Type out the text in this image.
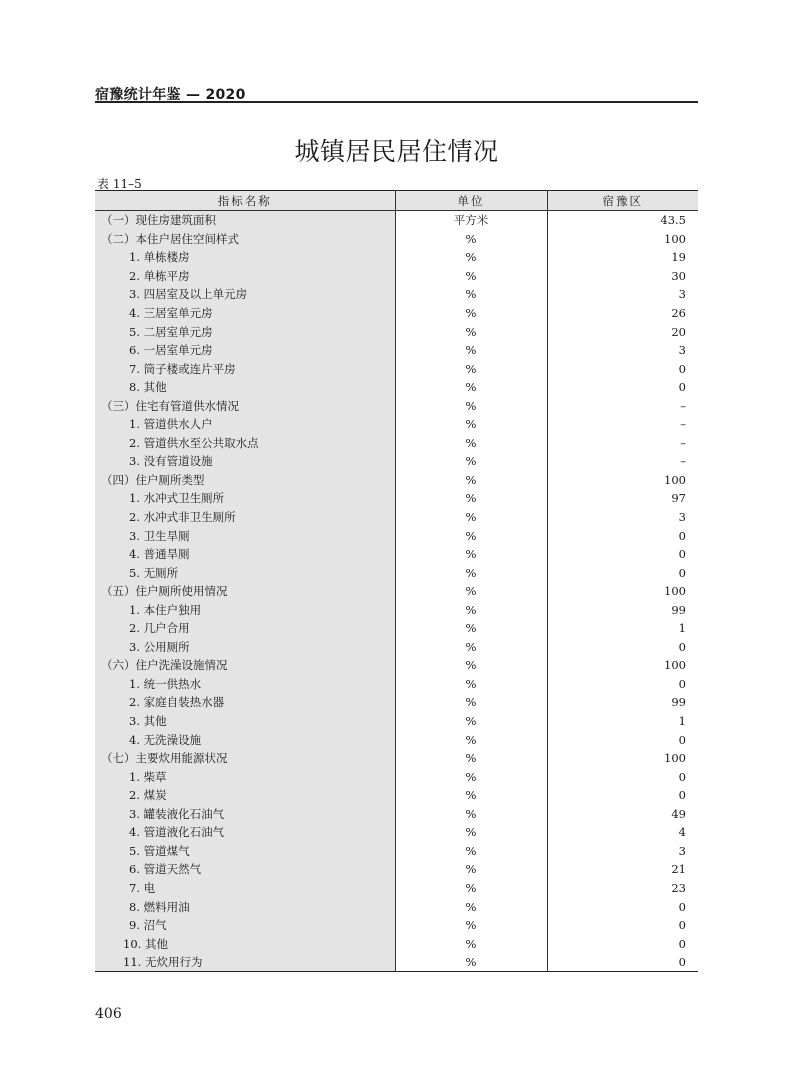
宿豫统计年鉴 — 2020
城镇居民居住情况
表 11–5
指标名称	单位	宿豫区
（一）现住房建筑面积	平方米	43.5
（二）本住户居住空间样式	%	100
1. 单栋楼房	%	19
2. 单栋平房	%	30
3. 四居室及以上单元房	%	3
4. 三居室单元房	%	26
5. 二居室单元房	%	20
6. 一居室单元房	%	3
7. 筒子楼或连片平房	%	0
8. 其他	%	0
（三）住宅有管道供水情况	%	–
1. 管道供水人户	%	–
2. 管道供水至公共取水点	%	–
3. 没有管道设施	%	–
（四）住户厕所类型	%	100
1. 水冲式卫生厕所	%	97
2. 水冲式非卫生厕所	%	3
3. 卫生旱厕	%	0
4. 普通旱厕	%	0
5. 无厕所	%	0
（五）住户厕所使用情况	%	100
1. 本住户独用	%	99
2. 几户合用	%	1
3. 公用厕所	%	0
（六）住户洗澡设施情况	%	100
1. 统一供热水	%	0
2. 家庭自装热水器	%	99
3. 其他	%	1
4. 无洗澡设施	%	0
（七）主要炊用能源状况	%	100
1. 柴草	%	0
2. 煤炭	%	0
3. 罐装液化石油气	%	49
4. 管道液化石油气	%	4
5. 管道煤气	%	3
6. 管道天然气	%	21
7. 电	%	23
8. 燃料用油	%	0
9. 沼气	%	0
10. 其他	%	0
11. 无炊用行为	%	0
406
